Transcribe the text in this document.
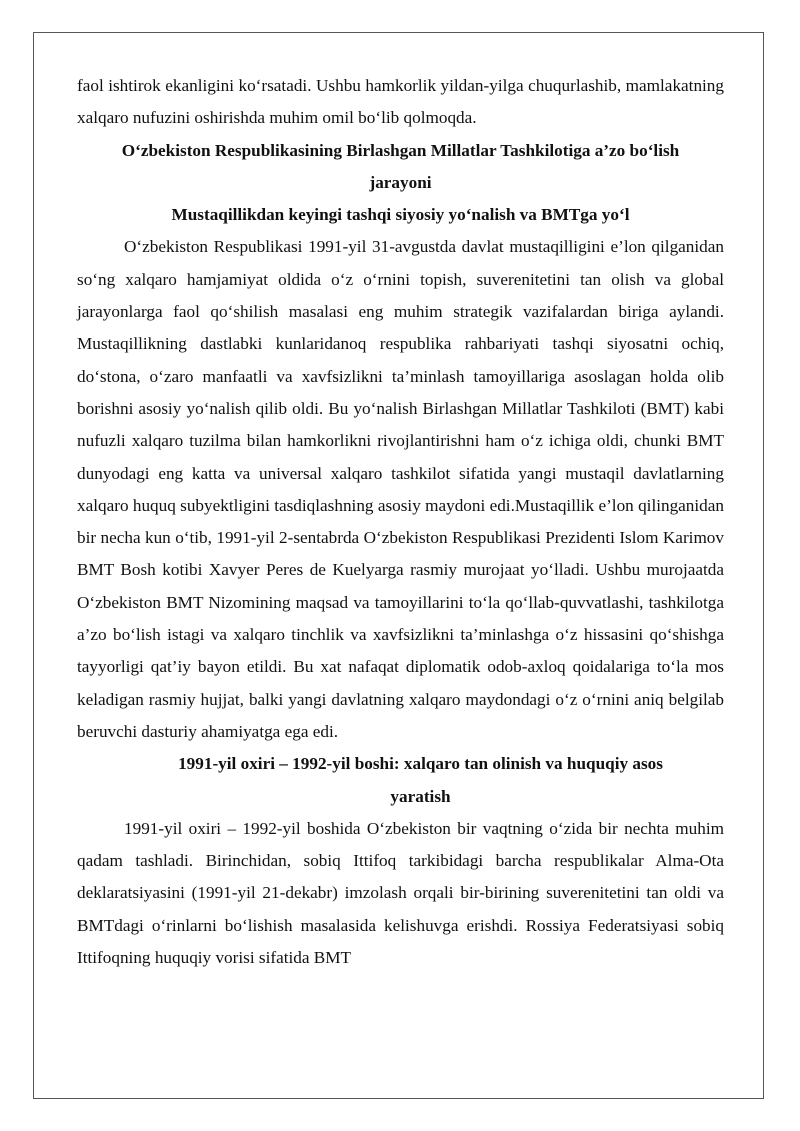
faol ishtirok ekanligini ko‘rsatadi. Ushbu hamkorlik yildan-yilga chuqurlashib, mamlakatning xalqaro nufuzini oshirishda muhim omil bo‘lib qolmoqda.

O‘zbekiston Respublikasining Birlashgan Millatlar Tashkilotiga a’zo bo‘lish jarayoni

Mustaqillikdan keyingi tashqi siyosiy yo‘nalish va BMTga yo‘l

O‘zbekiston Respublikasi 1991-yil 31-avgustda davlat mustaqilligini e’lon qilganidan so‘ng xalqaro hamjamiyat oldida o‘z o‘rnini topish, suverenitetini tan olish va global jarayonlarga faol qo‘shilish masalasi eng muhim strategik vazifalardan biriga aylandi. Mustaqillikning dastlabki kunlaridanoq respublika rahbariyati tashqi siyosatni ochiq, do‘stona, o‘zaro manfaatli va xavfsizlikni ta’minlash tamoyillariga asoslagan holda olib borishni asosiy yo‘nalish qilib oldi. Bu yo‘nalish Birlashgan Millatlar Tashkiloti (BMT) kabi nufuzli xalqaro tuzilma bilan hamkorlikni rivojlantirishni ham o‘z ichiga oldi, chunki BMT dunyodagi eng katta va universal xalqaro tashkilot sifatida yangi mustaqil davlatlarning xalqaro huquq subyektligini tasdiqlashning asosiy maydoni edi.Mustaqillik e’lon qilinganidan bir necha kun o‘tib, 1991-yil 2-sentabrda O‘zbekiston Respublikasi Prezidenti Islom Karimov BMT Bosh kotibi Xavyer Peres de Kuelyarga rasmiy murojaat yo‘lladi. Ushbu murojaatda O‘zbekiston BMT Nizomining maqsad va tamoyillarini to‘la qo‘llab-quvvatlashi, tashkilotga a’zo bo‘lish istagi va xalqaro tinchlik va xavfsizlikni ta’minlashga o‘z hissasini qo‘shishga tayyorligi qat’iy bayon etildi. Bu xat nafaqat diplomatik odob-axloq qoidalariga to‘la mos keladigan rasmiy hujjat, balki yangi davlatning xalqaro maydondagi o‘z o‘rnini aniq belgilab beruvchi dasturiy ahamiyatga ega edi.

1991-yil oxiri – 1992-yil boshi: xalqaro tan olinish va huquqiy asos yaratish

1991-yil oxiri – 1992-yil boshida O‘zbekiston bir vaqtning o‘zida bir nechta muhim qadam tashladi. Birinchidan, sobiq Ittifoq tarkibidagi barcha respublikalar Alma-Ota deklaratsiyasini (1991-yil 21-dekabr) imzolash orqali bir-birining suverenitetini tan oldi va BMTdagi o‘rinlarni bo‘lishish masalasida kelishuvga erishdi. Rossiya Federatsiyasi sobiq Ittifoqning huquqiy vorisi sifatida BMT
